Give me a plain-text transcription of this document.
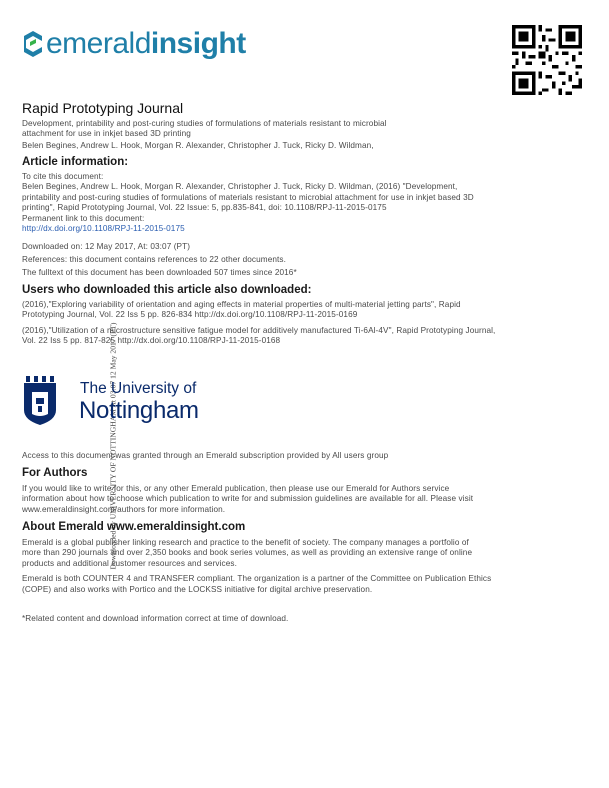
emeraldinsight
Downloaded by UNIVERSITY OF NOTTINGHAM At 03:07 12 May 2017 (PT)
Rapid Prototyping Journal
Development, printability and post-curing studies of formulations of materials resistant to microbial
attachment for use in inkjet based 3D printing
Belen Begines, Andrew L. Hook, Morgan R. Alexander, Christopher J. Tuck, Ricky D. Wildman,
Article information:
To cite this document:
Belen Begines, Andrew L. Hook, Morgan R. Alexander, Christopher J. Tuck, Ricky D. Wildman, (2016) "Development,
printability and post-curing studies of formulations of materials resistant to microbial attachment for use in inkjet based 3D
printing", Rapid Prototyping Journal, Vol. 22 Issue: 5, pp.835-841, doi: 10.1108/RPJ-11-2015-0175
Permanent link to this document:
http://dx.doi.org/10.1108/RPJ-11-2015-0175
Downloaded on: 12 May 2017, At: 03:07 (PT)
References: this document contains references to 22 other documents.
The fulltext of this document has been downloaded 507 times since 2016*
Users who downloaded this article also downloaded:
(2016),"Exploring variability of orientation and aging effects in material properties of multi-material jetting parts", Rapid
Prototyping Journal, Vol. 22 Iss 5 pp. 826-834 http://dx.doi.org/10.1108/RPJ-11-2015-0169
(2016),"Utilization of a microstructure sensitive fatigue model for additively manufactured Ti-6Al-4V", Rapid Prototyping Journal,
Vol. 22 Iss 5 pp. 817-825 http://dx.doi.org/10.1108/RPJ-11-2015-0168
The University of
Nottingham
Access to this document was granted through an Emerald subscription provided by All users group
For Authors
If you would like to write for this, or any other Emerald publication, then please use our Emerald for Authors service
information about how to choose which publication to write for and submission guidelines are available for all. Please visit
www.emeraldinsight.com/authors for more information.
About Emerald www.emeraldinsight.com
Emerald is a global publisher linking research and practice to the benefit of society. The company manages a portfolio of
more than 290 journals and over 2,350 books and book series volumes, as well as providing an extensive range of online
products and additional customer resources and services.
Emerald is both COUNTER 4 and TRANSFER compliant. The organization is a partner of the Committee on Publication Ethics
(COPE) and also works with Portico and the LOCKSS initiative for digital archive preservation.
*Related content and download information correct at time of download.
